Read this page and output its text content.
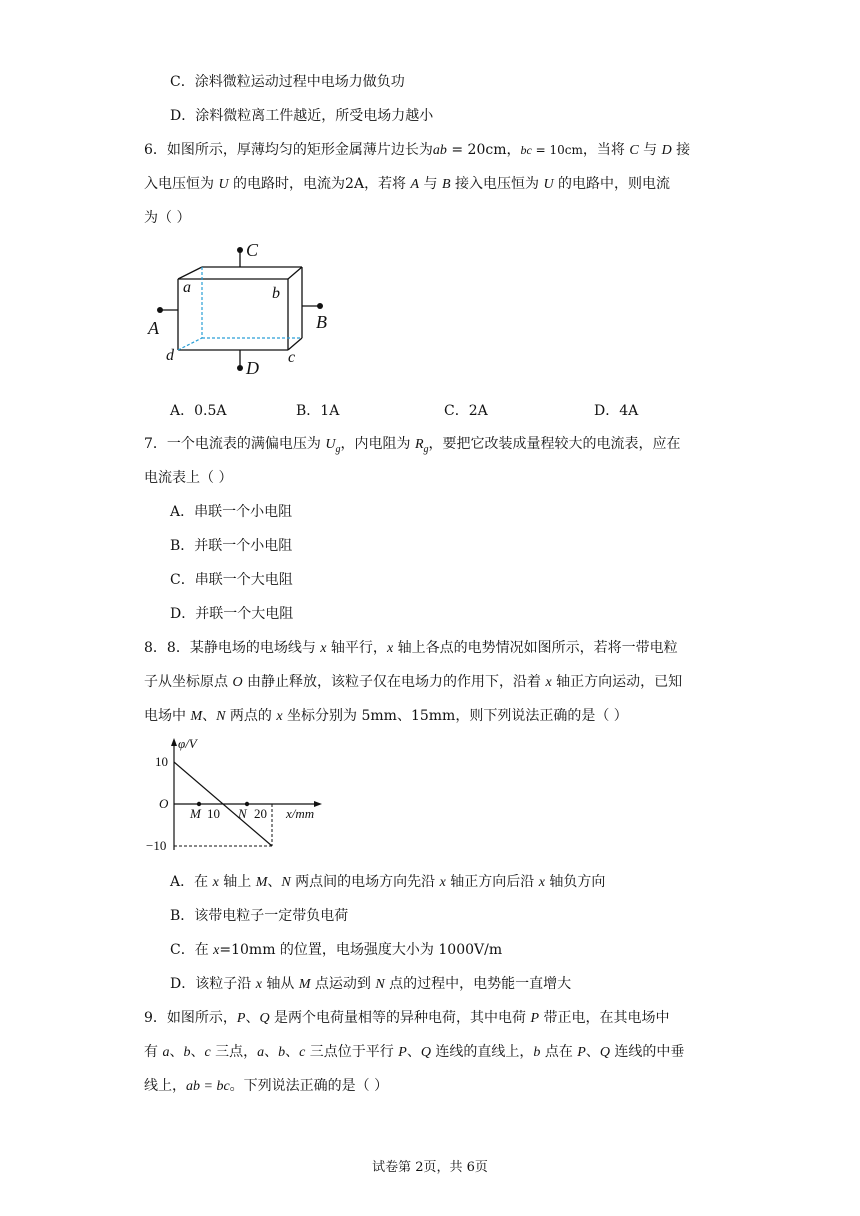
C．涂料微粒运动过程中电场力做负功
D．涂料微粒离工件越近，所受电场力越小
6．如图所示，厚薄均匀的矩形金属薄片边长为ab = 20cm，bc = 10cm，当将 C 与 D 接
入电压恒为 U 的电路时，电流为2A，若将 A 与 B 接入电压恒为 U 的电路中，则电流
为（ ）
C
D
A	B
a	b
c
d
A．0.5A	B．1A	C．2A	D．4A
7．一个电流表的满偏电压为 $U_g$，内电阻为 $R_g$，要把它改装成量程较大的电流表，应在
电流表上（ ）
A．串联一个小电阻
B．并联一个小电阻
C．串联一个大电阻
D．并联一个大电阻
8．8．某静电场的电场线与 x 轴平行，x 轴上各点的电势情况如图所示，若将一带电粒
子从坐标原点 O 由静止释放，该粒子仅在电场力的作用下，沿着 x 轴正方向运动，已知
电场中 M、N 两点的 x 坐标分别为 5mm、15mm，则下列说法正确的是（ ）
φ/V
x/mm
O
10
−10
M 10 N 20
A．在 x 轴上 M、N 两点间的电场方向先沿 x 轴正方向后沿 x 轴负方向
B．该带电粒子一定带负电荷
C．在 x=10mm 的位置，电场强度大小为 1000V/m
D．该粒子沿 x 轴从 M 点运动到 N 点的过程中，电势能一直增大
9．如图所示，P、Q 是两个电荷量相等的异种电荷，其中电荷 P 带正电，在其电场中
有 a、b、c 三点，a、b、c 三点位于平行 P、Q 连线的直线上，b 点在 P、Q 连线的中垂
线上，ab = bc。下列说法正确的是（ ）
试卷第 2页，共 6页
